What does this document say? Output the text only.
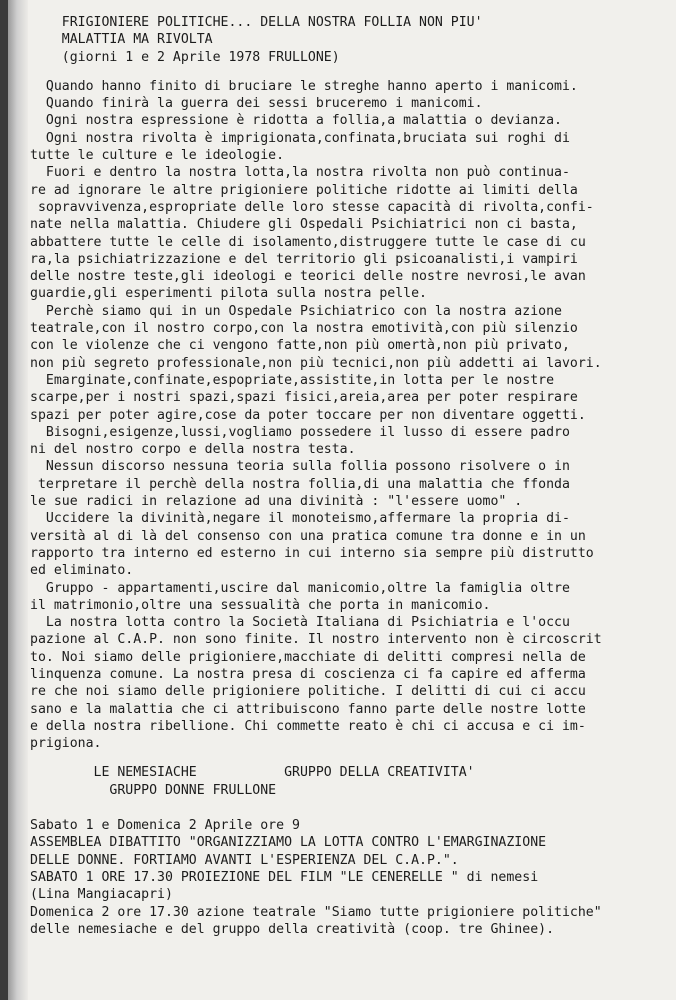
FRIGIONIERE POLITICHE... DELLA NOSTRA FOLLIA NON PIU'
MALATTIA MA RIVOLTA
(giorni 1 e 2 Aprile 1978 FRULLONE)
Quando hanno finito di bruciare le streghe hanno aperto i manicomi.
Quando finirà la guerra dei sessi bruceremo i manicomi.
Ogni nostra espressione è ridotta a follia,a malattia o devianza.
Ogni nostra rivolta è imprigionata,confinata,bruciata sui roghi di
tutte le culture e le ideologie.
Fuori e dentro la nostra lotta,la nostra rivolta non può continua-
re ad ignorare le altre prigioniere politiche ridotte ai limiti della
sopravvivenza,espropriate delle loro stesse capacità di rivolta,confi-
nate nella malattia. Chiudere gli Ospedali Psichiatrici non ci basta,
abbattere tutte le celle di isolamento,distruggere tutte le case di cu
ra,la psichiatrizzazione e del territorio gli psicoanalisti,i vampiri
delle nostre teste,gli ideologi e teorici delle nostre nevrosi,le avan
guardie,gli esperimenti pilota sulla nostra pelle.
Perchè siamo qui in un Ospedale Psichiatrico con la nostra azione
teatrale,con il nostro corpo,con la nostra emotività,con più silenzio
con le violenze che ci vengono fatte,non più omertà,non più privato,
non più segreto professionale,non più tecnici,non più addetti ai lavori.
Emarginate,confinate,espopriate,assistite,in lotta per le nostre
scarpe,per i nostri spazi,spazi fisici,areia,area per poter respirare
spazi per poter agire,cose da poter toccare per non diventare oggetti.
Bisogni,esigenze,lussi,vogliamo possedere il lusso di essere padro
ni del nostro corpo e della nostra testa.
Nessun discorso nessuna teoria sulla follia possono risolvere o in
terpretare il perchè della nostra follia,di una malattia che ffonda
le sue radici in relazione ad una divinità : "l'essere uomo" .
Uccidere la divinità,negare il monoteismo,affermare la propria di-
versità al di là del consenso con una pratica comune tra donne e in un
rapporto tra interno ed esterno in cui interno sia sempre più distrutto
ed eliminato.
Gruppo - appartamenti,uscire dal manicomio,oltre la famiglia oltre
il matrimonio,oltre una sessualità che porta in manicomio.
La nostra lotta contro la Società Italiana di Psichiatria e l'occu
pazione al C.A.P. non sono finite. Il nostro intervento non è circoscrit
to. Noi siamo delle prigioniere,macchiate di delitti compresi nella de
linquenza comune. La nostra presa di coscienza ci fa capire ed afferma
re che noi siamo delle prigioniere politiche. I delitti di cui ci accu
sano e la malattia che ci attribuiscono fanno parte delle nostre lotte
e della nostra ribellione. Chi commette reato è chi ci accusa e ci im-
prigiona.
LE NEMESIACHE           GRUPPO DELLA CREATIVITA'
GRUPPO DONNE FRULLONE
Sabato 1 e Domenica 2 Aprile ore 9
ASSEMBLEA DIBATTITO "ORGANIZZIAMO LA LOTTA CONTRO L'EMARGINAZIONE
DELLE DONNE. FORTIAMO AVANTI L'ESPERIENZA DEL C.A.P.".
SABATO 1 ORE 17.30 PROIEZIONE DEL FILM "LE CENERELLE " di nemesi
(Lina Mangiacapri)
Domenica 2 ore 17.30 azione teatrale "Siamo tutte prigioniere politiche"
delle nemesiache e del gruppo della creatività (coop. tre Ghinee).
